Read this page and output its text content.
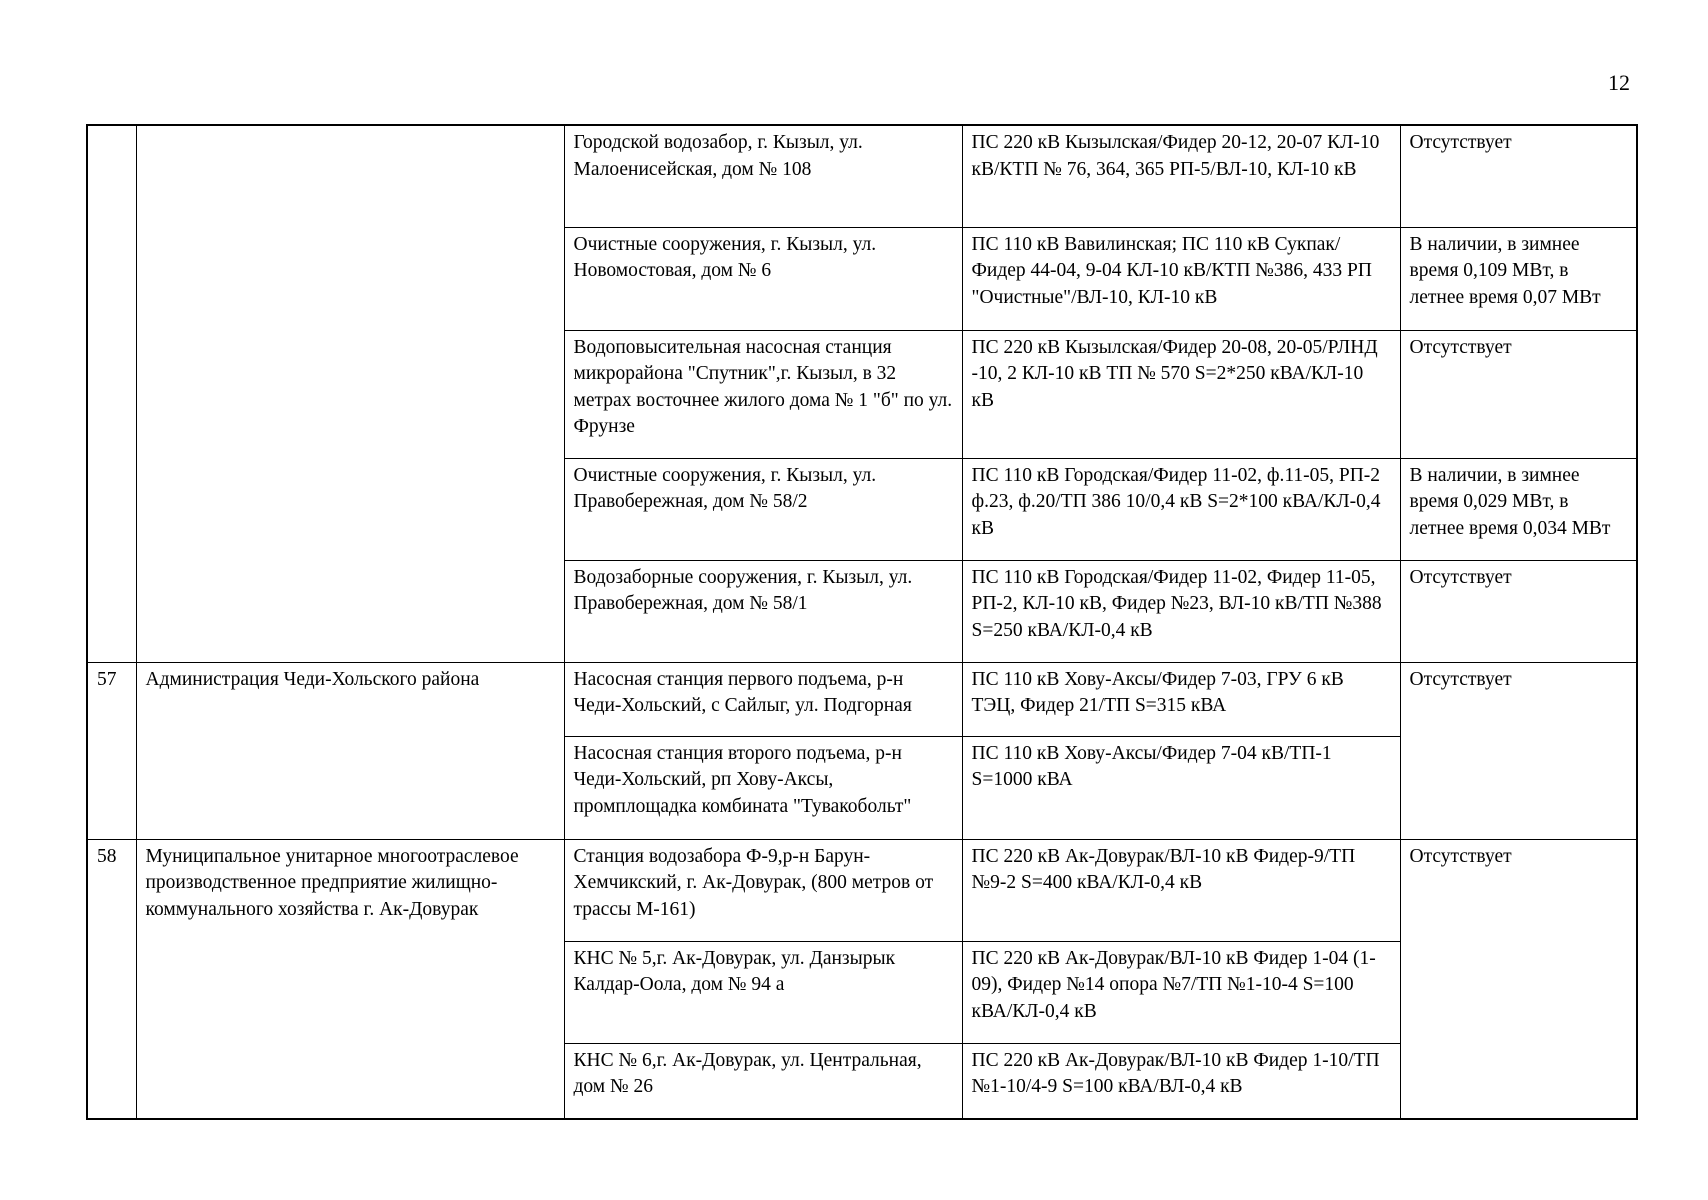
12
		Городской водозабор, г. Кызыл, ул. Малоенисейская, дом № 108	ПС 220 кВ Кызылская/Фидер 20-12, 20-07 КЛ-10 кВ/КТП № 76, 364, 365 РП-5/ВЛ-10, КЛ-10 кВ	Отсутствует
		Очистные сооружения, г. Кызыл, ул. Новомостовая, дом № 6	ПС 110 кВ Вавилинская; ПС 110 кВ Сукпак/Фидер 44-04, 9-04 КЛ-10 кВ/КТП №386, 433 РП "Очистные"/ВЛ-10, КЛ-10 кВ	В наличии, в зимнее время 0,109 МВт, в летнее время 0,07 МВт
		Водоповысительная насосная станция микрорайона "Спутник",г. Кызыл, в 32 метрах восточнее жилого дома № 1 "б" по ул. Фрунзе	ПС 220 кВ Кызылская/Фидер 20-08, 20-05/РЛНД -10, 2 КЛ-10 кВ ТП № 570 S=2*250 кВА/КЛ-10 кВ	Отсутствует
		Очистные сооружения, г. Кызыл, ул. Правобережная, дом № 58/2	ПС 110 кВ Городская/Фидер 11-02, ф.11-05, РП-2 ф.23, ф.20/ТП 386 10/0,4 кВ S=2*100 кВА/КЛ-0,4 кВ	В наличии, в зимнее время 0,029 МВт, в летнее время 0,034 МВт
		Водозаборные сооружения, г. Кызыл, ул. Правобережная, дом № 58/1	ПС 110 кВ Городская/Фидер 11-02, Фидер 11-05, РП-2, КЛ-10 кВ, Фидер №23, ВЛ-10 кВ/ТП №388 S=250 кВА/КЛ-0,4 кВ	Отсутствует
57	Администрация Чеди-Хольского района	Насосная станция первого подъема, р-н Чеди-Хольский, с Сайлыг, ул. Подгорная	ПС 110 кВ Хову-Аксы/Фидер 7-03, ГРУ 6 кВ ТЭЦ, Фидер 21/ТП S=315 кВА	Отсутствует
		Насосная станция второго подъема, р-н Чеди-Хольский, рп Хову-Аксы, промплощадка комбината "Тувакобольт"	ПС 110 кВ Хову-Аксы/Фидер 7-04 кВ/ТП-1 S=1000 кВА	
58	Муниципальное унитарное многоотраслевое производственное предприятие жилищно-коммунального хозяйства г. Ак-Довурак	Станция водозабора Ф-9,р-н Барун-Хемчикский, г. Ак-Довурак, (800 метров от трассы М-161)	ПС 220 кВ Ак-Довурак/ВЛ-10 кВ Фидер-9/ТП №9-2 S=400 кВА/КЛ-0,4 кВ	Отсутствует
		КНС № 5,г. Ак-Довурак, ул. Данзырык Калдар-Оола, дом № 94 а	ПС 220 кВ Ак-Довурак/ВЛ-10 кВ Фидер 1-04 (1-09), Фидер №14 опора №7/ТП №1-10-4 S=100 кВА/КЛ-0,4 кВ	
		КНС № 6,г. Ак-Довурак, ул. Центральная, дом № 26	ПС 220 кВ Ак-Довурак/ВЛ-10 кВ Фидер 1-10/ТП №1-10/4-9 S=100 кВА/ВЛ-0,4 кВ	
